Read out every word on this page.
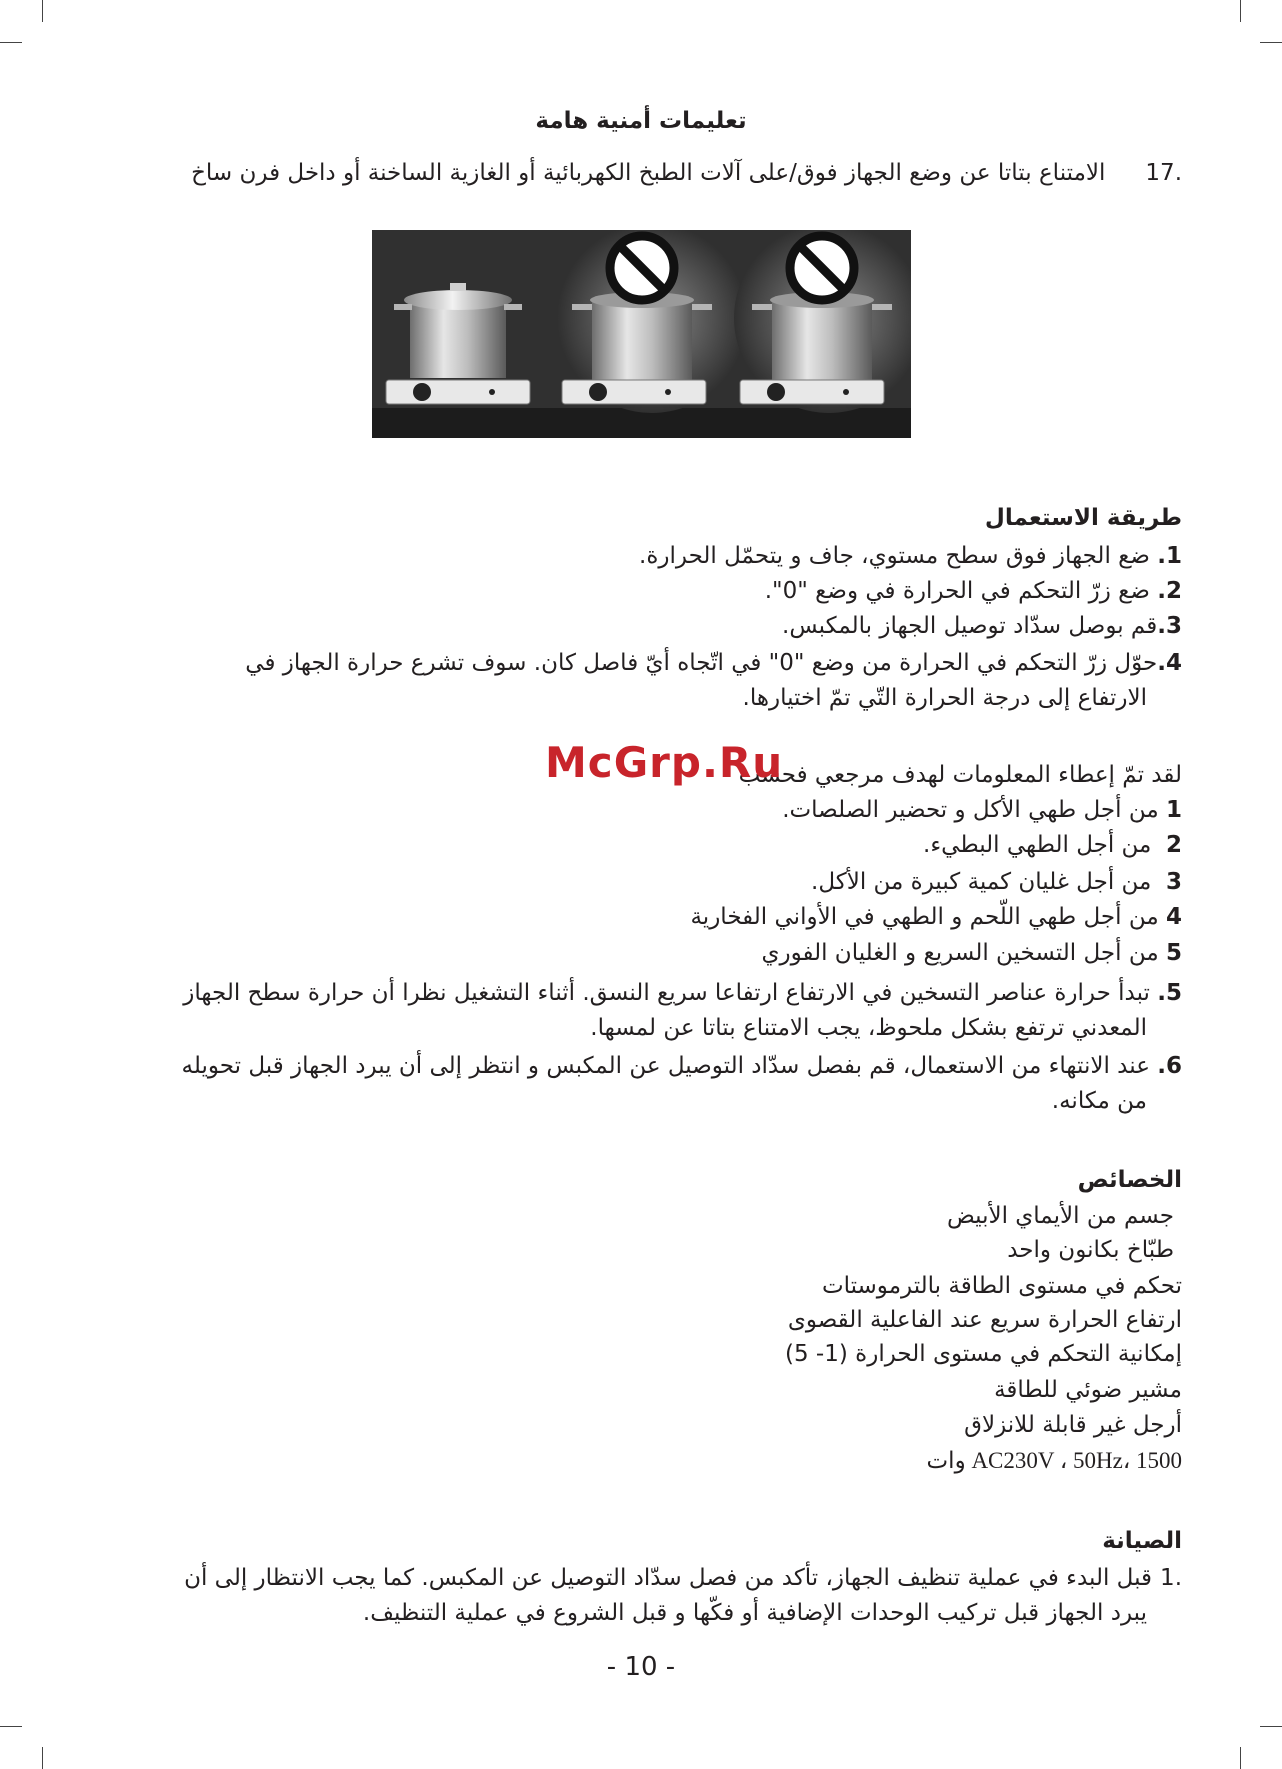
تعليمات أمنية هامة
.17الامتناع بتاتا عن وضع الجهاز فوق/على آلات الطبخ الكهربائية أو الغازية الساخنة أو داخل فرن ساخ
طريقة الاستعمال
1. ضع الجهاز فوق سطح مستوي، جاف و يتحمّل الحرارة.
2. ضع زرّ التحكم في الحرارة في وضع "0".
3.قم بوصل سدّاد توصيل الجهاز بالمكبس.
4.حوّل زرّ التحكم في الحرارة من وضع "0" في اتّجاه أيّ فاصل كان. سوف تشرع حرارة الجهاز في
الارتفاع إلى درجة الحرارة التّي تمّ اختيارها.
لقد تمّ إعطاء المعلومات لهدف مرجعي فحسب
1 من أجل طهي الأكل و تحضير الصلصات.
2  من أجل الطهي البطيء.
3  من أجل غليان كمية كبيرة من الأكل.
4 من أجل طهي اللّحم و الطهي في الأواني الفخارية
5 من أجل التسخين السريع و الغليان الفوري
McGrp.Ru
5. تبدأ حرارة عناصر التسخين في الارتفاع ارتفاعا سريع النسق. أثناء التشغيل نظرا أن حرارة سطح الجهاز
المعدني ترتفع بشكل ملحوظ، يجب الامتناع بتاتا عن لمسها.
6. عند الانتهاء من الاستعمال، قم بفصل سدّاد التوصيل عن المكبس و انتظر إلى أن يبرد الجهاز قبل تحويله
من مكانه.
الخصائص
جسم من الأيماي الأبيض
طبّاخ بكانون واحد
تحكم في مستوى الطاقة بالترموستات
ارتفاع الحرارة سريع عند الفاعلية القصوى
إمكانية التحكم في مستوى الحرارة (1- 5)
مشير ضوئي للطاقة
أرجل غير قابلة للانزلاق
AC230V ، 50Hz، 1500 وات
الصيانة
.1قبل البدء في عملية تنظيف الجهاز، تأكد من فصل سدّاد التوصيل عن المكبس. كما يجب الانتظار إلى أن
يبرد الجهاز قبل تركيب الوحدات الإضافية أو فكّها و قبل الشروع في عملية التنظيف.
- 10 -
